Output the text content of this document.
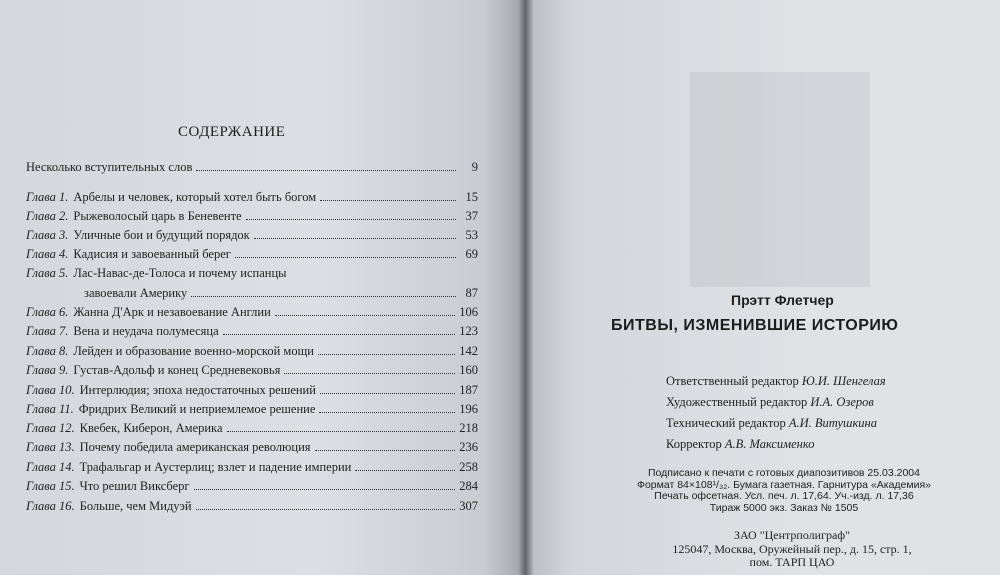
СОДЕРЖАНИЕ
Несколько вступительных слов	9
Глава 1. Арбелы и человек, который хотел быть богом	15
Глава 2. Рыжеволосый царь в Беневенте	37
Глава 3. Уличные бои и будущий порядок	53
Глава 4. Кадисия и завоеванный берег	69
Глава 5. Лас-Навас-де-Толоса и почему испанцы
завоевали Америку	87
Глава 6. Жанна Д'Арк и незавоевание Англии	106
Глава 7. Вена и неудача полумесяца	123
Глава 8. Лейден и образование военно-морской мощи	142
Глава 9. Густав-Адольф и конец Средневековья	160
Глава 10. Интерлюдия; эпоха недостаточных решений	187
Глава 11. Фридрих Великий и неприемлемое решение	196
Глава 12. Квебек, Киберон, Америка	218
Глава 13. Почему победила американская революция	236
Глава 14. Трафальгар и Аустерлиц; взлет и падение империи	258
Глава 15. Что решил Виксберг	284
Глава 16. Больше, чем Мидуэй	307
Прэтт Флетчер
БИТВЫ, ИЗМЕНИВШИЕ ИСТОРИЮ
Ответственный редактор Ю.И. Шенгелая
Художественный редактор И.А. Озеров
Технический редактор А.И. Витушкина
Корректор А.В. Максименко
Подписано к печати с готовых диапозитивов 25.03.2004
Формат 84×108¹/₃₂. Бумага газетная. Гарнитура «Академия»
Печать офсетная. Усл. печ. л. 17,64. Уч.-изд. л. 17,36
Тираж 5000 экз. Заказ № 1505
ЗАО "Центрполиграф"
125047, Москва, Оружейный пер., д. 15, стр. 1,
пом. ТАРП ЦАО
